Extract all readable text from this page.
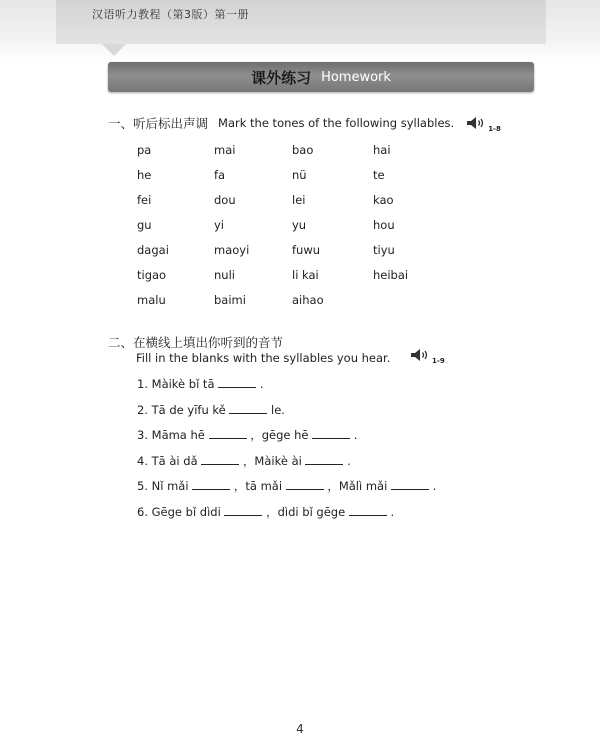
汉语听力教程（第3版）第一册
课外练习 Homework
一、听后标出声调 Mark the tones of the following syllables.	1-8
pa	mai	bao	hai
he	fa	nü	te
fei	dou	lei	kao
gu	yi	yu	hou
dagai	maoyi	fuwu	tiyu
tigao	nuli	li kai	heibai
malu	baimi	aihao
二、在横线上填出你听到的音节
Fill in the blanks with the syllables you hear.	1-9
1. Màikè bǐ tā	.
2. Tā de yīfu kě	le.
3. Māma hē	，gēge hē	.
4. Tā ài dǎ	，Màikè ài	.
5. Nǐ mǎi	，tā mǎi	，Mǎlì mǎi	.
6. Gēge bǐ dìdi	，dìdi bǐ gēge	.
4
